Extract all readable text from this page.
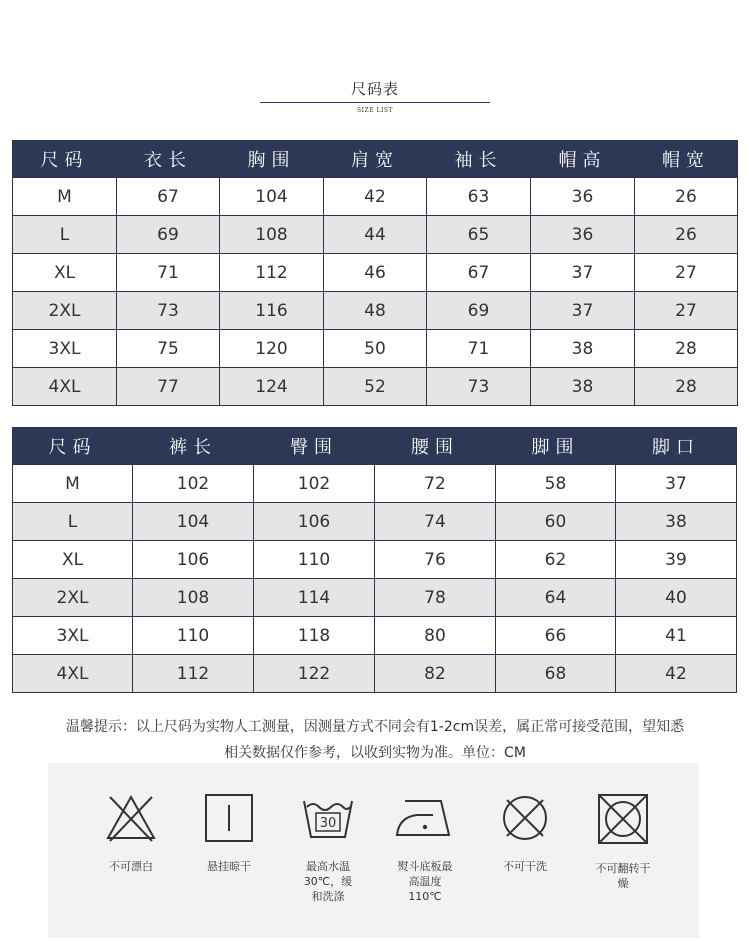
尺码表
SIZE LIST
尺码	衣长	胸围	肩宽	袖长	帽高	帽宽
M	67	104	42	63	36	26
L	69	108	44	65	36	26
XL	71	112	46	67	37	27
2XL	73	116	48	69	37	27
3XL	75	120	50	71	38	28
4XL	77	124	52	73	38	28
尺码	裤长	臀围	腰围	脚围	脚口
M	102	102	72	58	37
L	104	106	74	60	38
XL	106	110	76	62	39
2XL	108	114	78	64	40
3XL	110	118	80	66	41
4XL	112	122	82	68	42
温馨提示：以上尺码为实物人工测量，因测量方式不同会有1-2cm误差，属正常可接受范围，望知悉
相关数据仅作参考，以收到实物为准。单位：CM
不可漂白	悬挂晾干
30
最高水温
30℃，缓
和洗涤
熨斗底板最
高温度
110℃
不可干洗	不可翻转干
燥
